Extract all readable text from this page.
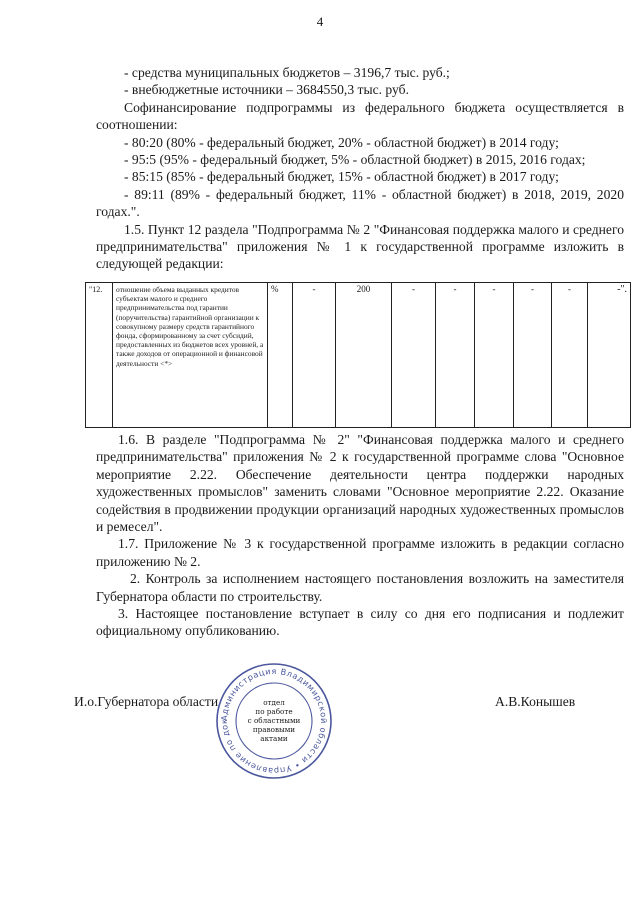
4

- средства муниципальных бюджетов – 3196,7 тыс. руб.;

- внебюджетные источники – 3684550,3 тыс. руб.

Софинансирование подпрограммы из федерального бюджета осуществляется в соотношении:

- 80:20 (80% - федеральный бюджет, 20% - областной бюджет) в 2014 году;

- 95:5 (95% - федеральный бюджет, 5% - областной бюджет) в 2015, 2016 годах;

- 85:15 (85% - федеральный бюджет, 15% - областной бюджет) в 2017 году;

- 89:11 (89% - федеральный бюджет, 11% - областной бюджет) в 2018, 2019, 2020 годах.".

1.5. Пункт 12 раздела "Подпрограмма № 2 "Финансовая поддержка малого и среднего предпринимательства" приложения № 1 к государственной программе изложить в следующей редакции:

"12.	отношение объема выданных кредитов субъектам малого и среднего предпринимательства под гарантии (поручительства) гарантийной организации к совокупному размеру средств гарантийного фонда, сформированному за счет субсидий, предоставленных из бюджетов всех уровней, а также доходов от операционной и финансовой деятельности <*>	%	-	200	-	-	-	-	-	-".

1.6. В разделе "Подпрограмма № 2" "Финансовая поддержка малого и среднего предпринимательства" приложения № 2 к государственной программе слова "Основное мероприятие 2.22. Обеспечение деятельности центра поддержки народных художественных промыслов" заменить словами "Основное мероприятие 2.22. Оказание содействия в продвижении продукции организаций народных художественных промыслов и ремесел".

1.7. Приложение № 3 к государственной программе изложить в редакции согласно приложению № 2.

2. Контроль за исполнением настоящего постановления возложить на заместителя Губернатора области по строительству.

3. Настоящее постановление вступает в силу со дня его подписания и подлежит официальному опубликованию.

И.о.Губернатора области	А.В.Конышев
Администрация Владимирской области • Управление по док
отдел по работе с областными правовыми актами
